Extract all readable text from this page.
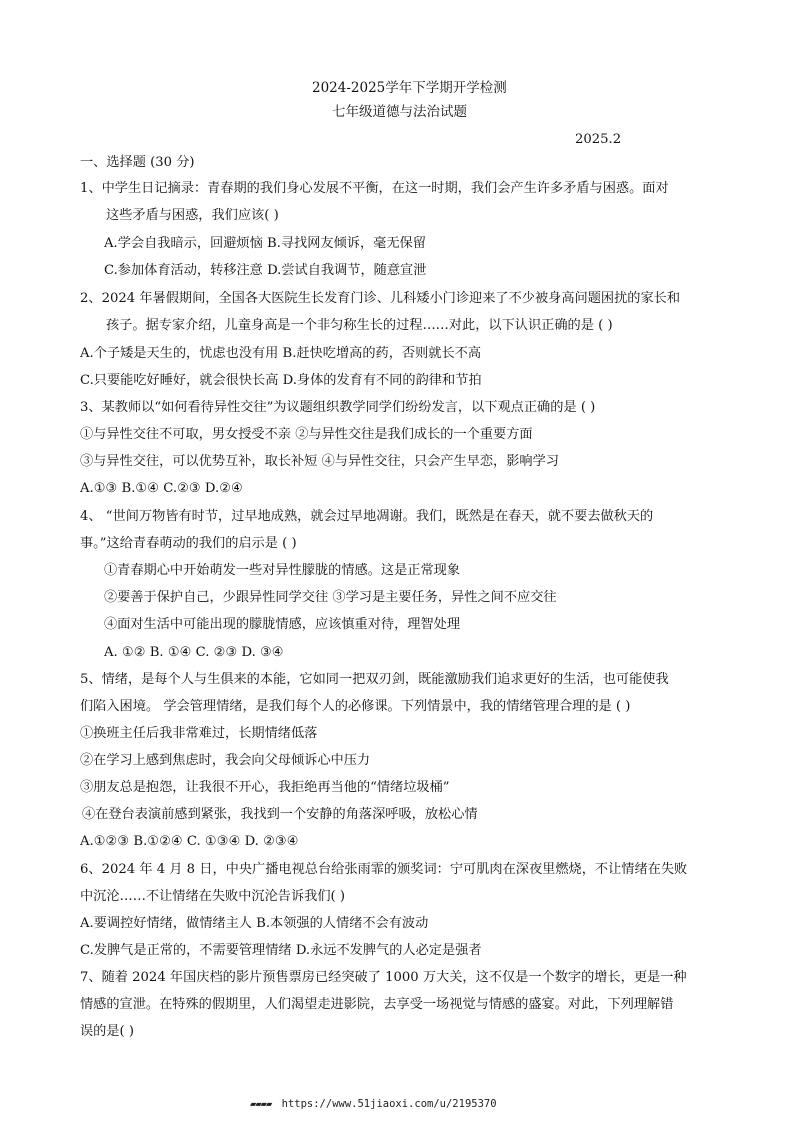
2024-2025学年下学期开学检测
七年级道德与法治试题
2025.2
一、选择题 (30 分)
1、中学生日记摘录：青春期的我们身心发展不平衡，在这一时期，我们会产生许多矛盾与困惑。面对
这些矛盾与困惑，我们应该( )
A.学会自我暗示，回避烦恼 B.寻找网友倾诉，毫无保留
C.参加体育活动，转移注意 D.尝试自我调节，随意宣泄
2、2024 年暑假期间，全国各大医院生长发育门诊、儿科矮小门诊迎来了不少被身高问题困扰的家长和
孩子。据专家介绍，儿童身高是一个非匀称生长的过程……对此，以下认识正确的是 ( )
A.个子矮是天生的，忧虑也没有用 B.赶快吃增高的药，否则就长不高
C.只要能吃好睡好，就会很快长高 D.身体的发育有不同的韵律和节拍
3、某教师以“如何看待异性交往”为议题组织教学同学们纷纷发言，以下观点正确的是 ( )
①与异性交往不可取，男女授受不亲 ②与异性交往是我们成长的一个重要方面
③与异性交往，可以优势互补，取长补短 ④与异性交往，只会产生早恋，影响学习
A.①③ B.①④ C.②③ D.②④
4、 “世间万物皆有时节，过早地成熟，就会过早地凋谢。我们，既然是在春天，就不要去做秋天的
事。”这给青春萌动的我们的启示是 ( )
①青春期心中开始萌发一些对异性朦胧的情感。这是正常现象
②要善于保护自己，少跟异性同学交往 ③学习是主要任务，异性之间不应交往
④面对生活中可能出现的朦胧情感，应该慎重对待，理智处理
A. ①② B. ①④ C. ②③ D. ③④
5、情绪，是每个人与生俱来的本能，它如同一把双刃剑，既能激励我们追求更好的生活，也可能使我
们陷入困境。 学会管理情绪，是我们每个人的必修课。下列情景中，我的情绪管理合理的是 ( )
①换班主任后我非常难过，长期情绪低落
②在学习上感到焦虑时，我会向父母倾诉心中压力
③朋友总是抱怨，让我很不开心，我拒绝再当他的“情绪垃圾桶”
④在登台表演前感到紧张，我找到一个安静的角落深呼吸，放松心情
A.①②③ B.①②④ C. ①③④ D. ②③④
6、2024 年 4 月 8 日，中央广播电视总台给张雨霏的颁奖词：宁可肌肉在深夜里燃烧，不让情绪在失败
中沉沦……不让情绪在失败中沉沦告诉我们( )
A.要调控好情绪，做情绪主人 B.本领强的人情绪不会有波动
C.发脾气是正常的，不需要管理情绪 D.永远不发脾气的人必定是强者
7、随着 2024 年国庆档的影片预售票房已经突破了 1000 万大关，这不仅是一个数字的增长，更是一种
情感的宣泄。在特殊的假期里，人们渴望走进影院，去享受一场视觉与情感的盛宴。对此，下列理解错
误的是( )
▰▰▰▰ https://www.51jiaoxi.com/u/2195370
